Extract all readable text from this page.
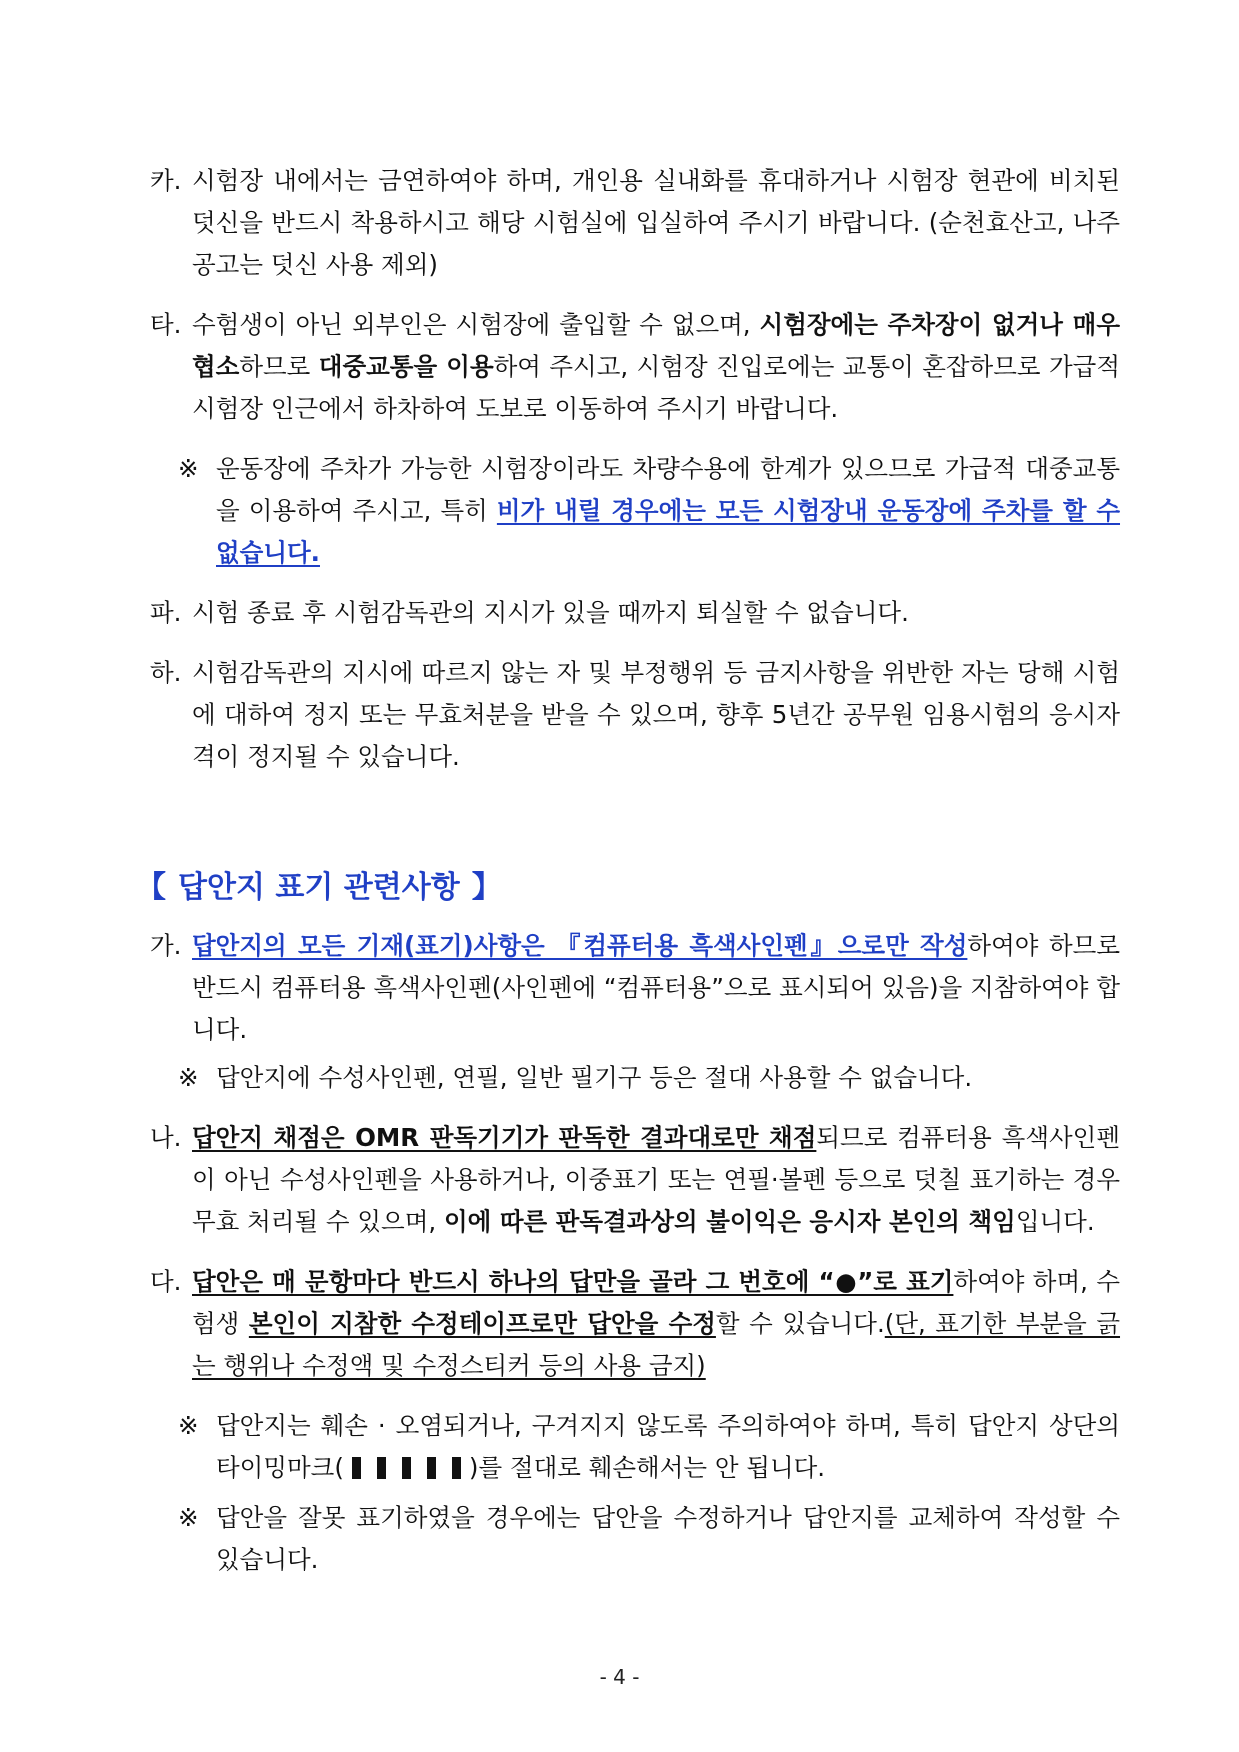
카. 시험장 내에서는 금연하여야 하며, 개인용 실내화를 휴대하거나 시험장 현관에 비치된 덧신을 반드시 착용하시고 해당 시험실에 입실하여 주시기 바랍니다. (순천효산고, 나주공고는 덧신 사용 제외)
타. 수험생이 아닌 외부인은 시험장에 출입할 수 없으며, 시험장에는 주차장이 없거나 매우 협소하므로 대중교통을 이용하여 주시고, 시험장 진입로에는 교통이 혼잡하므로 가급적 시험장 인근에서 하차하여 도보로 이동하여 주시기 바랍니다.
※ 운동장에 주차가 가능한 시험장이라도 차량수용에 한계가 있으므로 가급적 대중교통을 이용하여 주시고, 특히 비가 내릴 경우에는 모든 시험장내 운동장에 주차를 할 수 없습니다.
파. 시험 종료 후 시험감독관의 지시가 있을 때까지 퇴실할 수 없습니다.
하. 시험감독관의 지시에 따르지 않는 자 및 부정행위 등 금지사항을 위반한 자는 당해 시험에 대하여 정지 또는 무효처분을 받을 수 있으며, 향후 5년간 공무원 임용시험의 응시자격이 정지될 수 있습니다.
【 답안지 표기 관련사항 】
가. 답안지의 모든 기재(표기)사항은 『컴퓨터용 흑색사인펜』으로만 작성하여야 하므로 반드시 컴퓨터용 흑색사인펜(사인펜에 “컴퓨터용”으로 표시되어 있음)을 지참하여야 합니다.
※ 답안지에 수성사인펜, 연필, 일반 필기구 등은 절대 사용할 수 없습니다.
나. 답안지 채점은 OMR 판독기기가 판독한 결과대로만 채점되므로 컴퓨터용 흑색사인펜이 아닌 수성사인펜을 사용하거나, 이중표기 또는 연필·볼펜 등으로 덧칠 표기하는 경우 무효 처리될 수 있으며, 이에 따른 판독결과상의 불이익은 응시자 본인의 책임입니다.
다. 답안은 매 문항마다 반드시 하나의 답만을 골라 그 번호에 “●”로 표기하여야 하며, 수험생 본인이 지참한 수정테이프로만 답안을 수정할 수 있습니다.(단, 표기한 부분을 긁는 행위나 수정액 및 수정스티커 등의 사용 금지)
※ 답안지는 훼손 · 오염되거나, 구겨지지 않도록 주의하여야 하며, 특히 답안지 상단의 타이밍마크(	)를 절대로 훼손해서는 안 됩니다.
※ 답안을 잘못 표기하였을 경우에는 답안을 수정하거나 답안지를 교체하여 작성할 수 있습니다.
- 4 -
